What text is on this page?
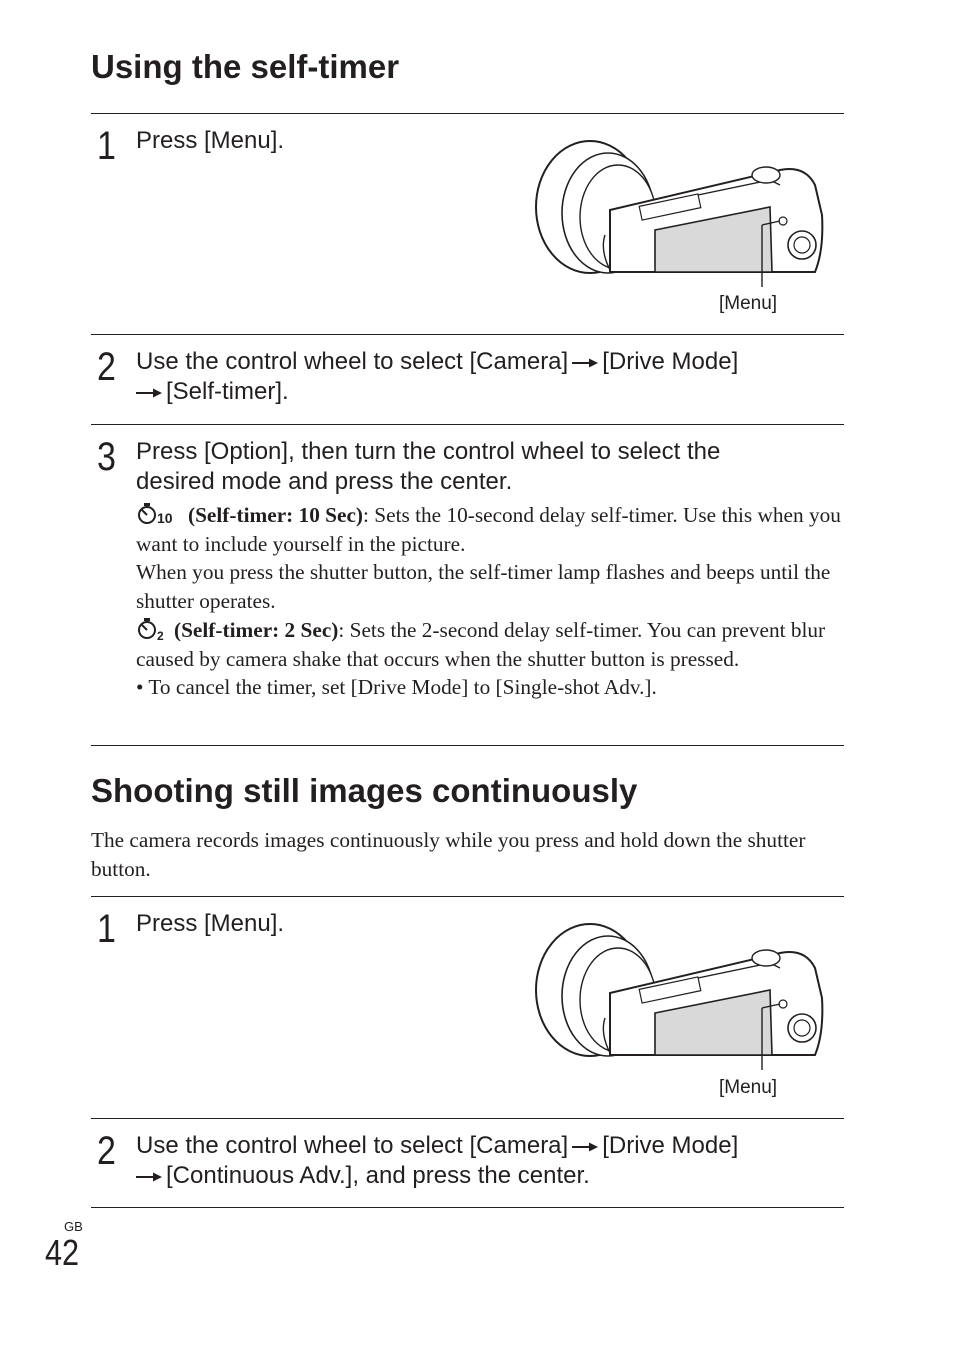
Using the self-timer
1 Press [Menu].
[Menu]
2 Use the control wheel to select [Camera] [Drive Mode]
[Self-timer].
3 Press [Option], then turn the control wheel to select the
desired mode and press the center.
10 (Self-timer: 10 Sec): Sets the 10-second delay self-timer. Use this when you want to include yourself in the picture.
When you press the shutter button, the self-timer lamp flashes and beeps until the shutter operates.

2 (Self-timer: 2 Sec): Sets the 2-second delay self-timer. You can prevent blur caused by camera shake that occurs when the shutter button is pressed.
• To cancel the timer, set [Drive Mode] to [Single-shot Adv.].
Shooting still images continuously
The camera records images continuously while you press and hold down the shutter button.
1 Press [Menu].
[Menu]
2 Use the control wheel to select [Camera] [Drive Mode]
[Continuous Adv.], and press the center.
GB
42
